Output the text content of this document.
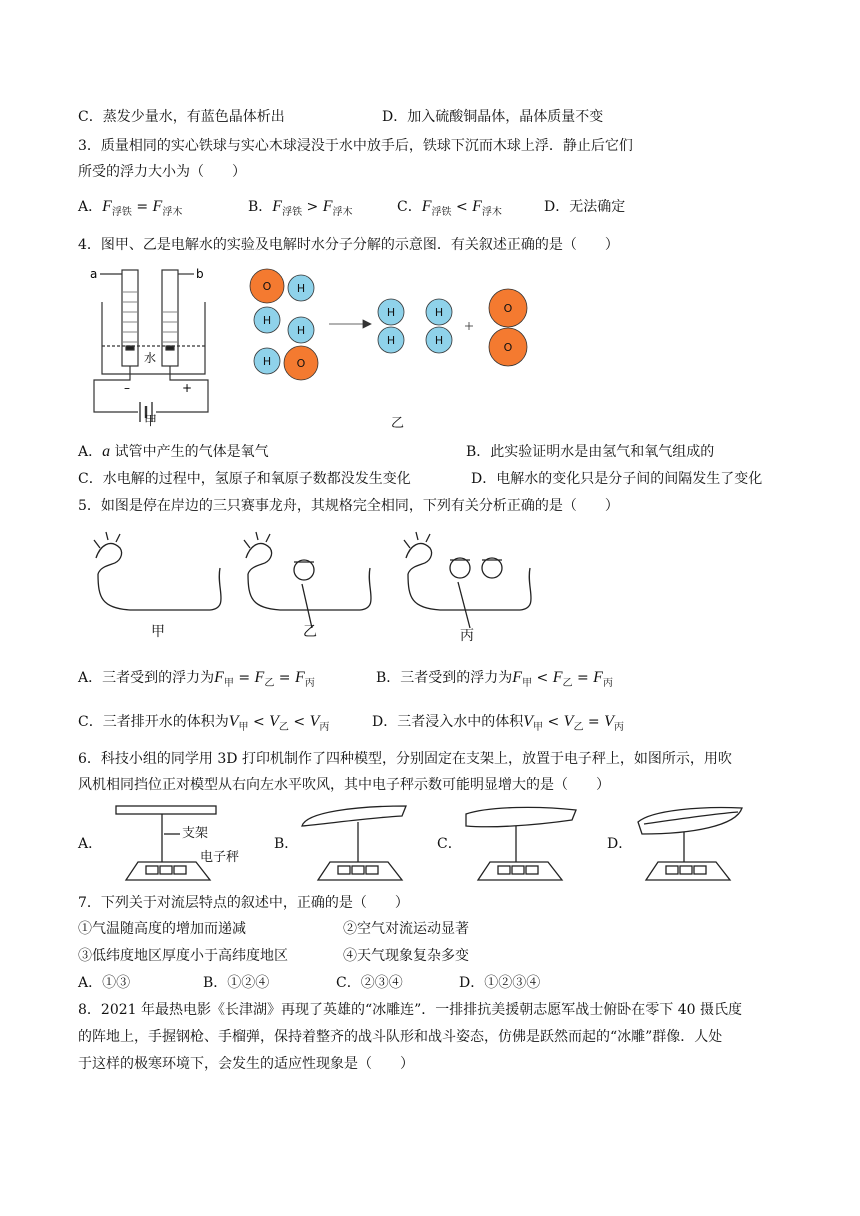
C．蒸发少量水，有蓝色晶体析出	D．加入硫酸铜晶体，晶体质量不变
3．质量相同的实心铁球与实心木球浸没于水中放手后，铁球下沉而木球上浮．静止后它们
所受的浮力大小为（　　）
A．$F_{浮铁} = F_{浮木}$	B．$F_{浮铁} > F_{浮木}$	C．$F_{浮铁} < F_{浮木}$	D．无法确定
4．图甲、乙是电解水的实验及电解时水分子分解的示意图．有关叙述正确的是（　　）
a	b
水
–	+
甲
O H
H
H
H O
H
H
H
H
O
O
乙
A．a 试管中产生的气体是氧气	B．此实验证明水是由氢气和氧气组成的
C．水电解的过程中，氢原子和氧原子数都没发生变化	D．电解水的变化只是分子间的间隔发生了变化
5．如图是停在岸边的三只赛事龙舟，其规格完全相同，下列有关分析正确的是（　　）
甲	乙	丙
A．三者受到的浮力为$F_甲 = F_乙 = F_丙$	B．三者受到的浮力为$F_甲 < F_乙 = F_丙$
C．三者排开水的体积为$V_甲 < V_乙 < V_丙$	D．三者浸入水中的体积$V_甲 < V_乙 = V_丙$
6．科技小组的同学用 3D 打印机制作了四种模型，分别固定在支架上，放置于电子秤上，如图所示，用吹
风机相同挡位正对模型从右向左水平吹风，其中电子秤示数可能明显增大的是（　　）
A．
支架
电子秤
B．	C．	D．
7．下列关于对流层特点的叙述中，正确的是（　　）
①气温随高度的增加而递减	②空气对流运动显著
③低纬度地区厚度小于高纬度地区	④天气现象复杂多变
A．①③	B．①②④	C．②③④	D．①②③④
8．2021 年最热电影《长津湖》再现了英雄的“冰雕连”．一排排抗美援朝志愿军战士俯卧在零下 40 摄氏度
的阵地上，手握钢枪、手榴弹，保持着整齐的战斗队形和战斗姿态，仿佛是跃然而起的“冰雕”群像．人处
于这样的极寒环境下，会发生的适应性现象是（　　）
